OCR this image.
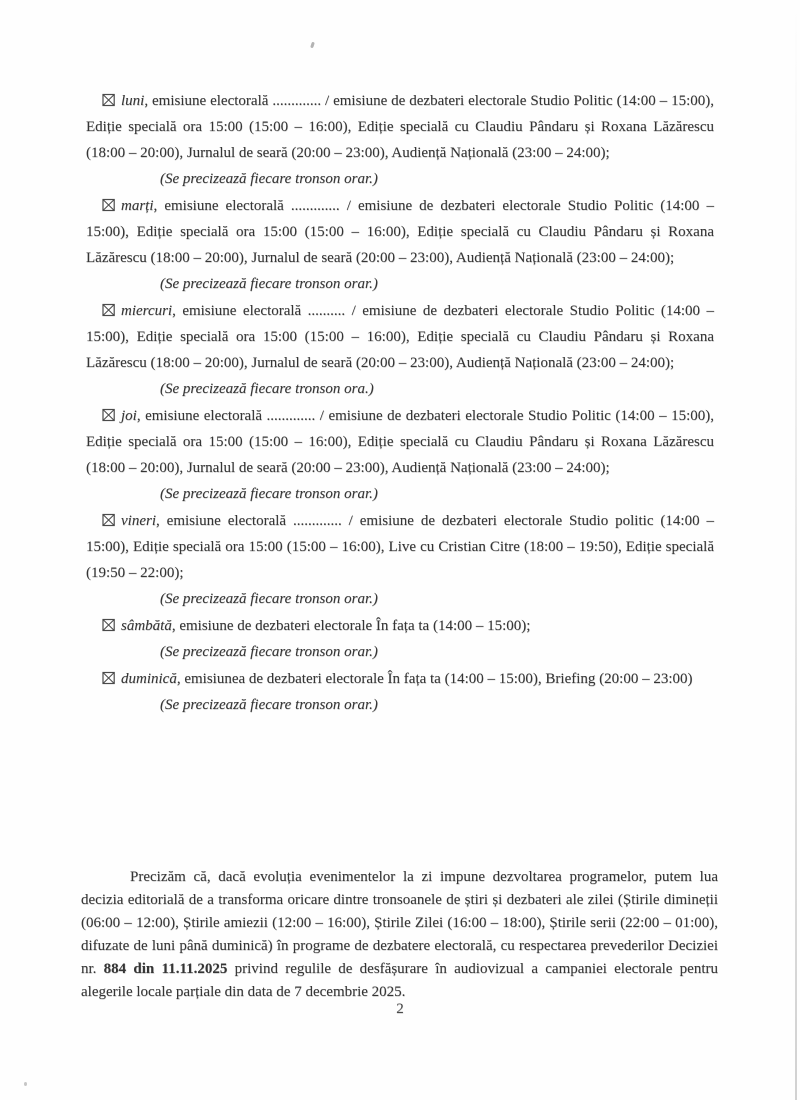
luni, emisiune electorală ............. / emisiune de dezbateri electorale Studio Politic (14:00 – 15:00), Ediție specială ora 15:00 (15:00 – 16:00), Ediție specială cu Claudiu Pândaru și Roxana Lăzărescu (18:00 – 20:00), Jurnalul de seară (20:00 – 23:00), Audiență Națională (23:00 – 24:00);

(Se precizează fiecare tronson orar.)

marți, emisiune electorală ............. / emisiune de dezbateri electorale Studio Politic (14:00 – 15:00), Ediție specială ora 15:00 (15:00 – 16:00), Ediție specială cu Claudiu Pândaru și Roxana Lăzărescu (18:00 – 20:00), Jurnalul de seară (20:00 – 23:00), Audiență Națională (23:00 – 24:00);

(Se precizează fiecare tronson orar.)

miercuri, emisiune electorală .......... / emisiune de dezbateri electorale Studio Politic (14:00 – 15:00), Ediție specială ora 15:00 (15:00 – 16:00), Ediție specială cu Claudiu Pândaru și Roxana Lăzărescu (18:00 – 20:00), Jurnalul de seară (20:00 – 23:00), Audiență Națională (23:00 – 24:00);

(Se precizează fiecare tronson ora.)

joi, emisiune electorală ............. / emisiune de dezbateri electorale Studio Politic (14:00 – 15:00), Ediție specială ora 15:00 (15:00 – 16:00), Ediție specială cu Claudiu Pândaru și Roxana Lăzărescu (18:00 – 20:00), Jurnalul de seară (20:00 – 23:00), Audiență Națională (23:00 – 24:00);

(Se precizează fiecare tronson orar.)

vineri, emisiune electorală ............. / emisiune de dezbateri electorale Studio politic (14:00 – 15:00), Ediție specială ora 15:00 (15:00 – 16:00), Live cu Cristian Citre (18:00 – 19:50), Ediție specială (19:50 – 22:00);

(Se precizează fiecare tronson orar.)

sâmbătă, emisiune de dezbateri electorale În fața ta (14:00 – 15:00);

(Se precizează fiecare tronson orar.)

duminică, emisiunea de dezbateri electorale În fața ta (14:00 – 15:00), Briefing (20:00 – 23:00)

(Se precizează fiecare tronson orar.)

Precizăm că, dacă evoluția evenimentelor la zi impune dezvoltarea programelor, putem lua decizia editorială de a transforma oricare dintre tronsoanele de știri și dezbateri ale zilei (Știrile dimineții (06:00 – 12:00), Știrile amiezii (12:00 – 16:00), Știrile Zilei (16:00 – 18:00), Știrile serii (22:00 – 01:00), difuzate de luni până duminică) în programe de dezbatere electorală, cu respectarea prevederilor Deciziei nr. 884 din 11.11.2025 privind regulile de desfășurare în audiovizual a campaniei electorale pentru alegerile locale parțiale din data de 7 decembrie 2025.

2
